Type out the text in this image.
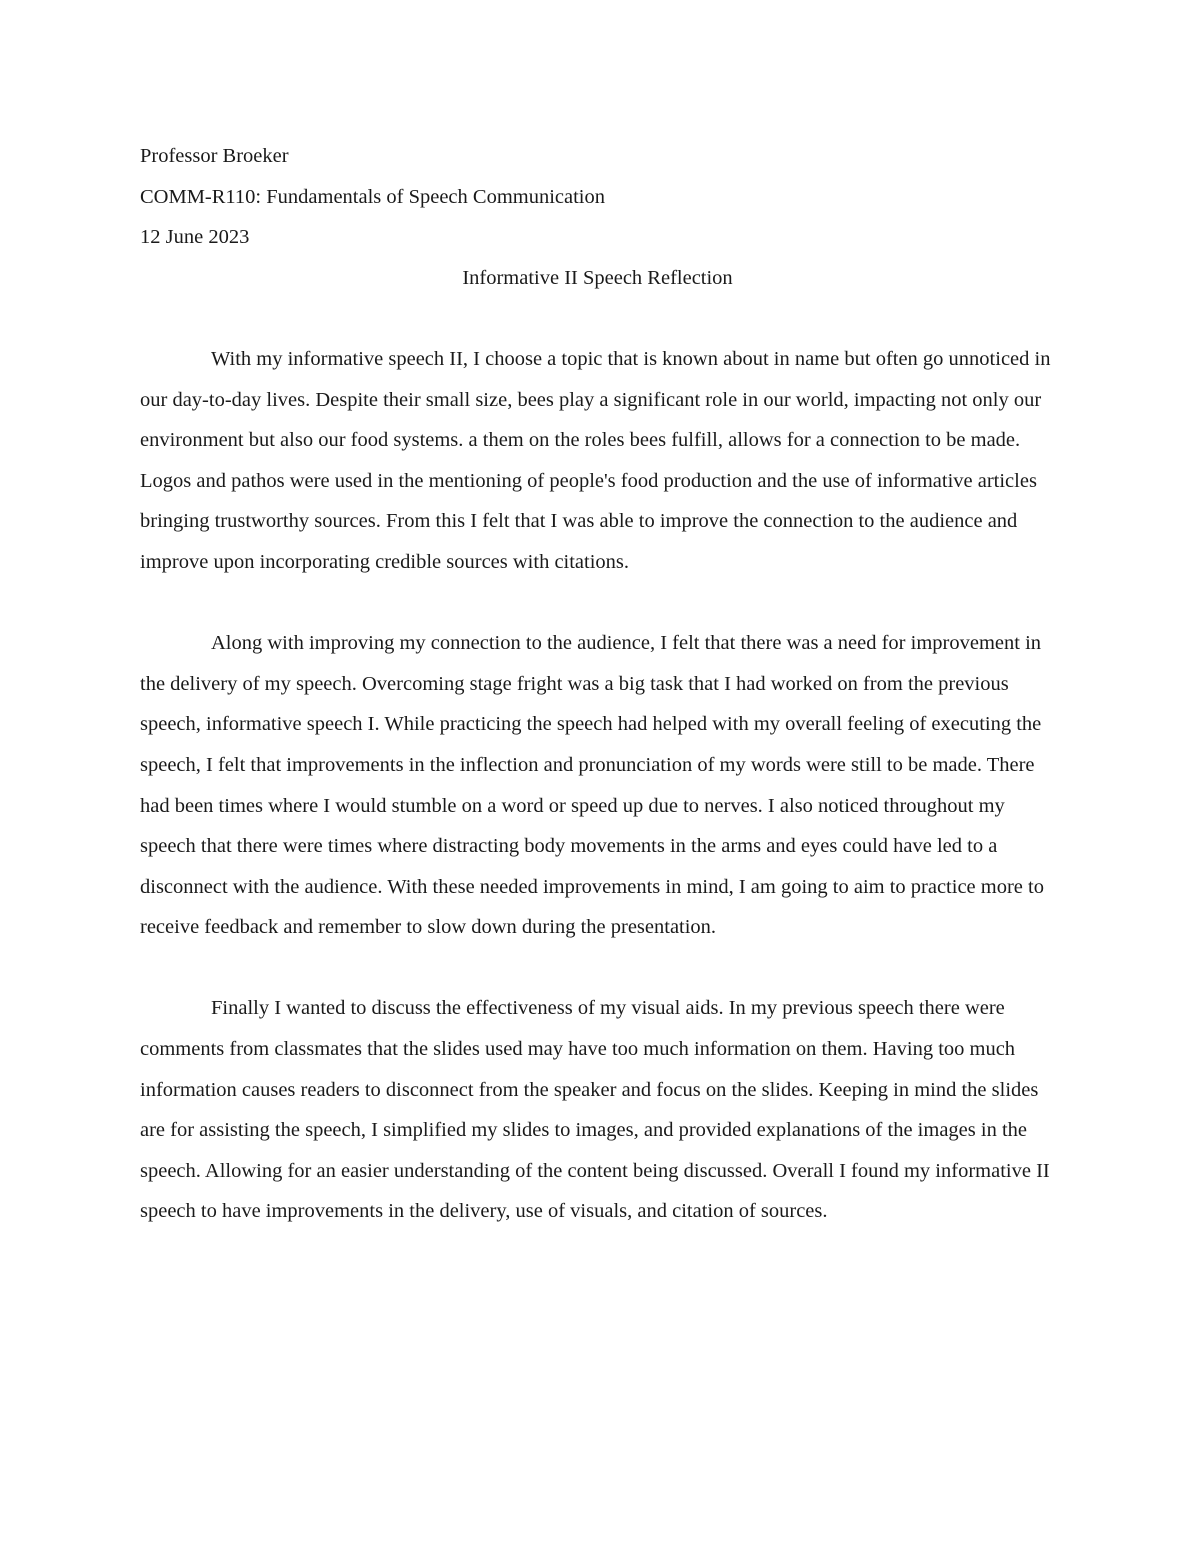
Professor Broeker

COMM-R110: Fundamentals of Speech Communication

12 June 2023

Informative II Speech Reflection

With my informative speech II, I choose a topic that is known about in name but often go unnoticed in our day-to-day lives. Despite their small size, bees play a significant role in our world, impacting not only our environment but also our food systems. a them on the roles bees fulfill, allows for a connection to be made. Logos and pathos were used in the mentioning of people's food production and the use of informative articles bringing trustworthy sources. From this I felt that I was able to improve the connection to the audience and improve upon incorporating credible sources with citations.

Along with improving my connection to the audience, I felt that there was a need for improvement in the delivery of my speech. Overcoming stage fright was a big task that I had worked on from the previous speech, informative speech I. While practicing the speech had helped with my overall feeling of executing the speech, I felt that improvements in the inflection and pronunciation of my words were still to be made. There had been times where I would stumble on a word or speed up due to nerves. I also noticed throughout my speech that there were times where distracting body movements in the arms and eyes could have led to a disconnect with the audience. With these needed improvements in mind, I am going to aim to practice more to receive feedback and remember to slow down during the presentation.

Finally I wanted to discuss the effectiveness of my visual aids. In my previous speech there were comments from classmates that the slides used may have too much information on them. Having too much information causes readers to disconnect from the speaker and focus on the slides. Keeping in mind the slides are for assisting the speech, I simplified my slides to images, and provided explanations of the images in the speech. Allowing for an easier understanding of the content being discussed. Overall I found my informative II speech to have improvements in the delivery, use of visuals, and citation of sources.
